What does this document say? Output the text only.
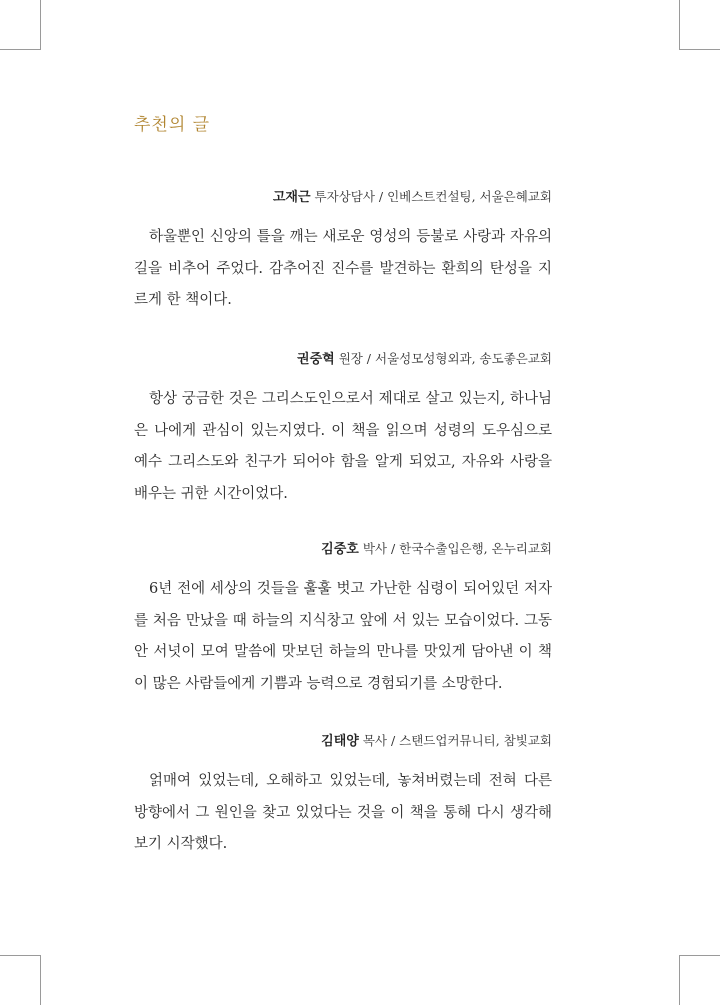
추천의 글
고재근 투자상담사 / 인베스트컨설팅, 서울은혜교회

하울뿐인 신앙의 틀을 깨는 새로운 영성의 등불로 사랑과 자유의 길을 비추어 주었다. 감추어진 진수를 발견하는 환희의 탄성을 지르게 한 책이다.

권중혁 원장 / 서울성모성형외과, 송도좋은교회

항상 궁금한 것은 그리스도인으로서 제대로 살고 있는지, 하나님은 나에게 관심이 있는지였다. 이 책을 읽으며 성령의 도우심으로 예수 그리스도와 친구가 되어야 함을 알게 되었고, 자유와 사랑을 배우는 귀한 시간이었다.

김중호 박사 / 한국수출입은행, 온누리교회

6년 전에 세상의 것들을 훌훌 벗고 가난한 심령이 되어있던 저자를 처음 만났을 때 하늘의 지식창고 앞에 서 있는 모습이었다. 그동안 서넛이 모여 말씀에 맛보던 하늘의 만나를 맛있게 담아낸 이 책이 많은 사람들에게 기쁨과 능력으로 경험되기를 소망한다.

김태양 목사 / 스탠드업커뮤니티, 참빛교회

얽매여 있었는데, 오해하고 있었는데, 놓쳐버렸는데 전혀 다른 방향에서 그 원인을 찾고 있었다는 것을 이 책을 통해 다시 생각해 보기 시작했다.
